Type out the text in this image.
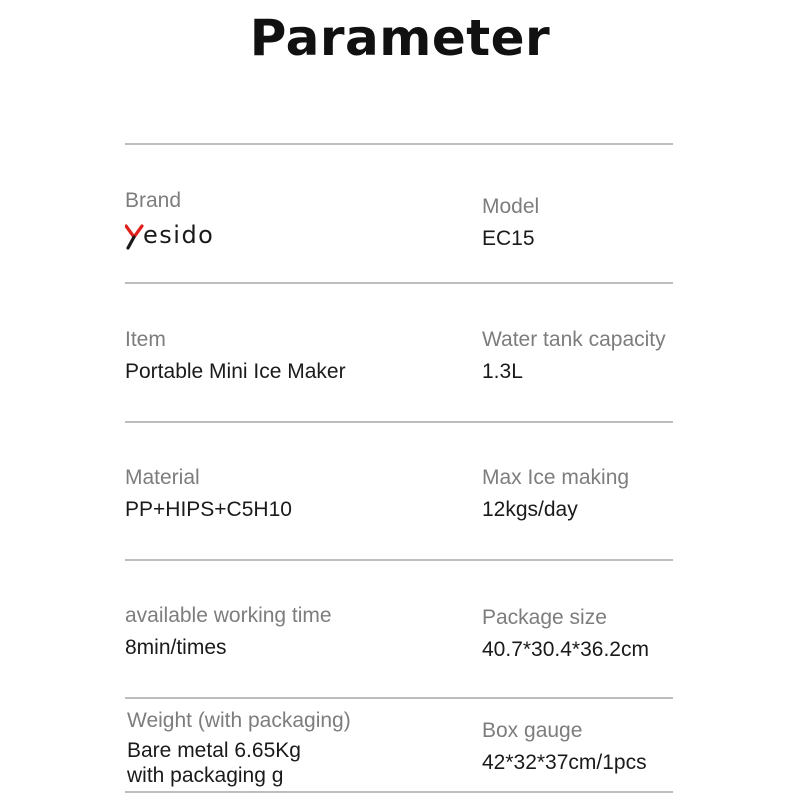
Parameter
Brand
esido
Model
EC15
Item
Portable Mini Ice Maker
Water tank capacity
1.3L
Material
PP+HIPS+C5H10
Max Ice making
12kgs/day
available working time
8min/times
Package size
40.7*30.4*36.2cm
Weight (with packaging)
Bare metal 6.65Kg
with packaging g
Box gauge
42*32*37cm/1pcs
